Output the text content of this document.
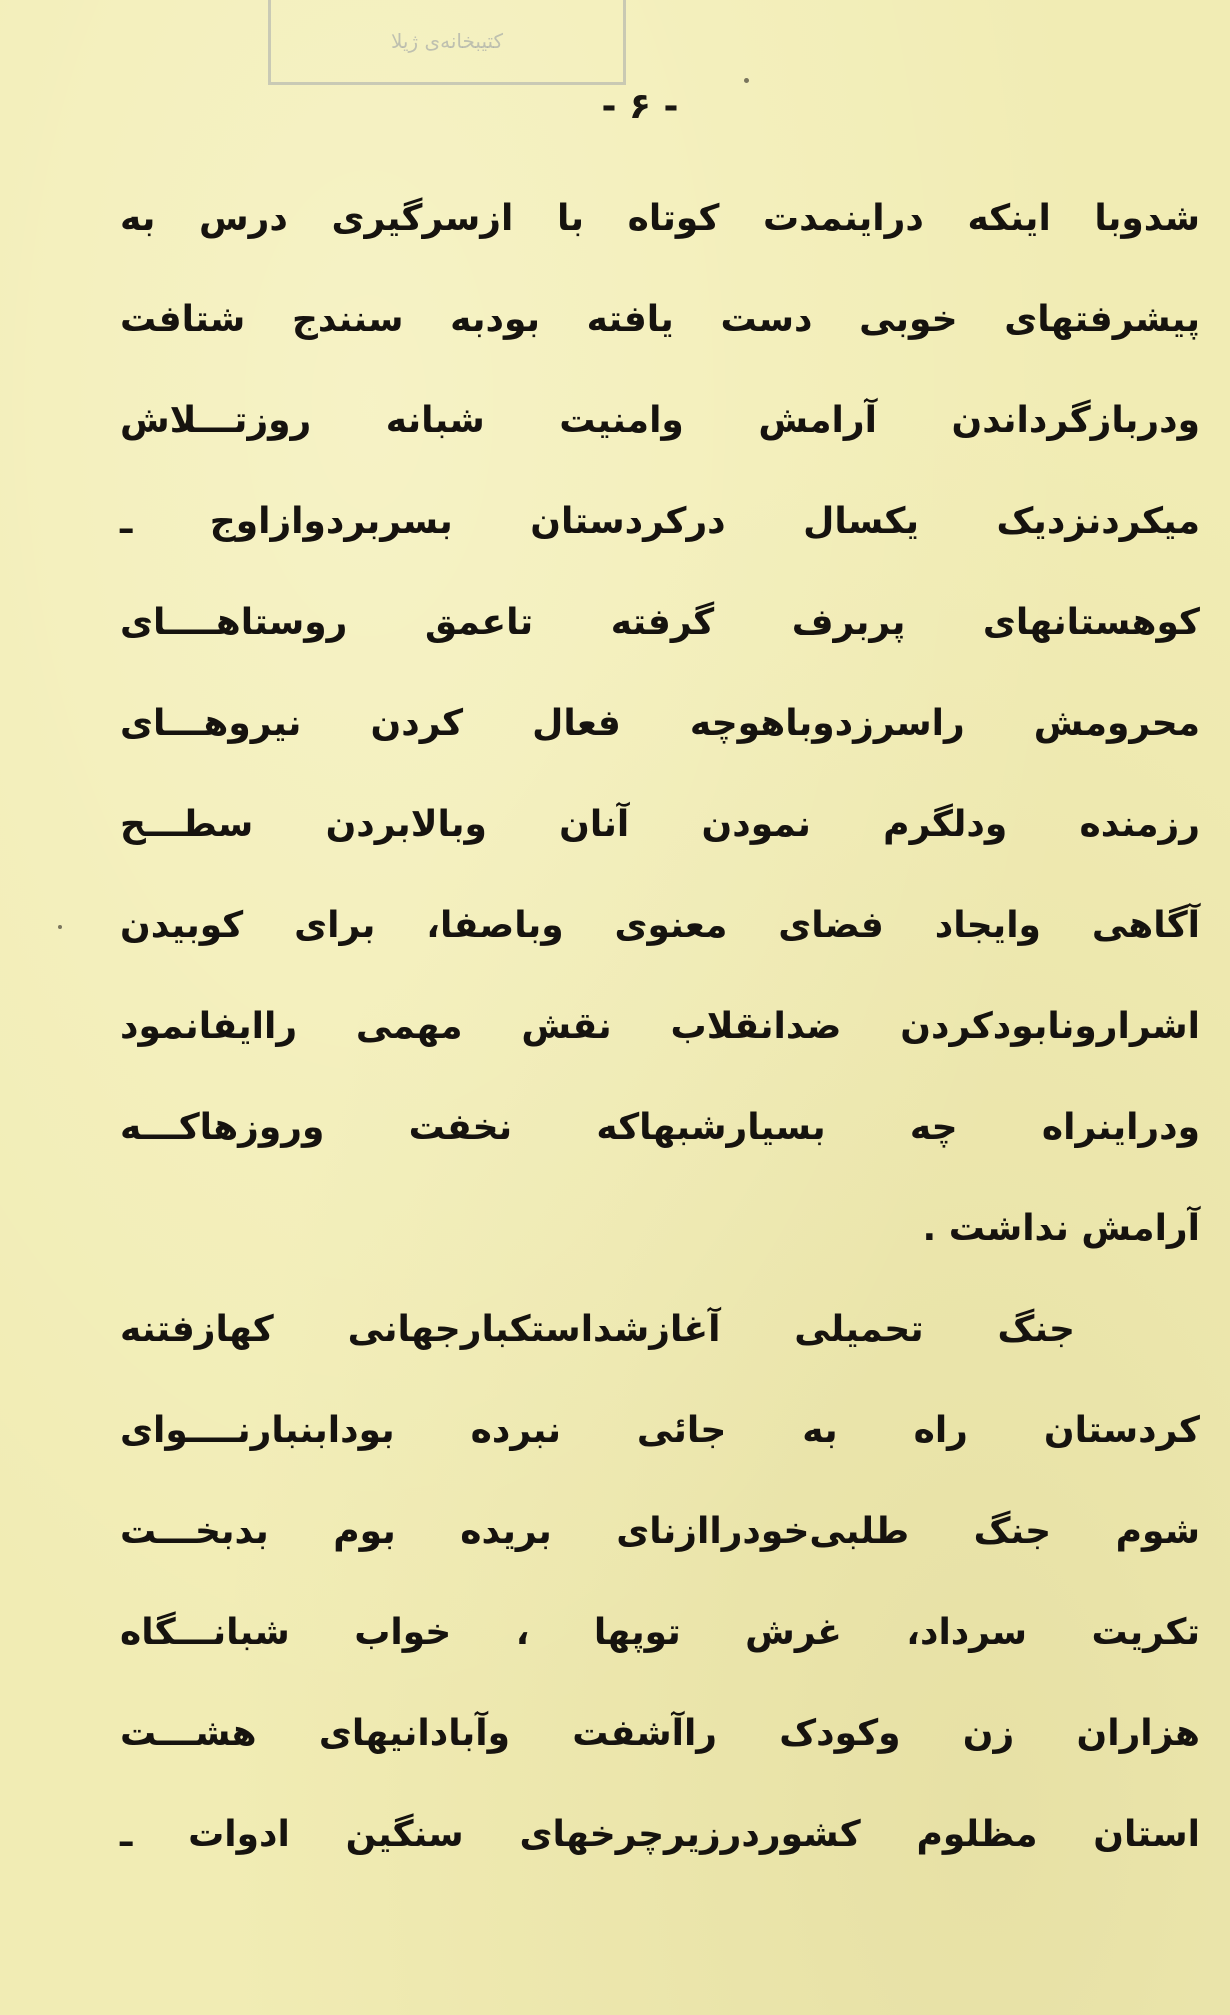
کتیبخانه‌ی ژیلا
- ۶ -
شدوبا اینکه دراینمدت کوتاه با ازسرگیری درس به
پیشرفتهای خوبی دست یافته بودبه سنندج شتافت
ودربازگرداندن آرامش وامنیت شبانه روزتـــلاش
میکردنزدیک یکسال درکردستان بسربردوازاوج ـ
کوهستانهای پربرف گرفته تاعمق روستاهــــای
محرومش راسرزدوباهوچه فعال کردن نیروهـــای
رزمنده ودلگرم نمودن آنان وبالابردن سطـــح
آگاهی وایجاد فضای معنوی وباصفا، برای کوبیدن
اشرارونابودکردن ضدانقلاب نقش مهمی راایفانمود
ودراینراه چه بسیارشبهاکه نخفت وروزهاکـــه
آرامش نداشت .
جنگ تحمیلی آغازشداستکبارجهانی کهازفتنه
کردستان راه به جائی نبرده بودابنبارنــــوای
شوم جنگ طلبی‌خودراازنای بریده بوم بدبخـــت
تکریت سرداد، غرش توپها ، خواب شبانـــگاه
هزاران زن وکودک راآشفت وآبادانیهای هشـــت
استان مظلوم کشوردرزیرچرخهای سنگین ادوات ـ
